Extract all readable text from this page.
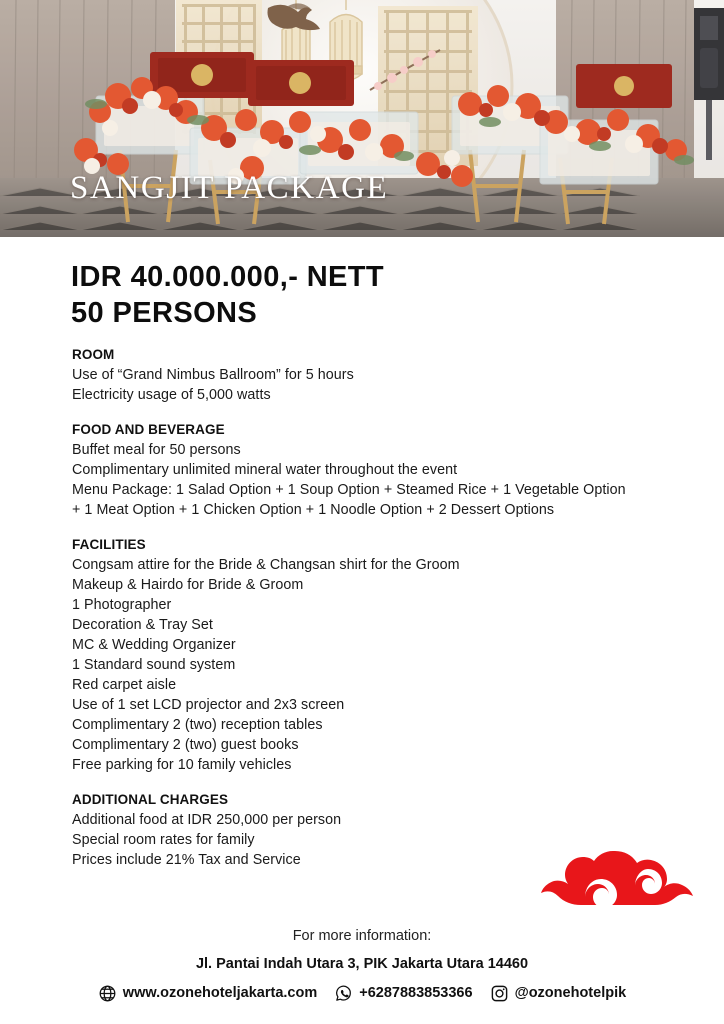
SANGJIT PACKAGE
IDR 40.000.000,- NETT
50 PERSONS
ROOM
Use of “Grand Nimbus Ballroom” for 5 hours
Electricity usage of 5,000 watts
FOOD AND BEVERAGE
Buffet meal for 50 persons
Complimentary unlimited mineral water throughout the event
Menu Package: 1 Salad Option + 1 Soup Option + Steamed Rice + 1 Vegetable Option
+ 1 Meat Option + 1 Chicken Option + 1 Noodle Option + 2 Dessert Options
FACILITIES
Congsam attire for the Bride & Changsan shirt for the Groom
Makeup & Hairdo for Bride & Groom
1 Photographer
Decoration & Tray Set
MC & Wedding Organizer
1 Standard sound system
Red carpet aisle
Use of 1 set LCD projector and 2x3 screen
Complimentary 2 (two) reception tables
Complimentary 2 (two) guest books
Free parking for 10 family vehicles
ADDITIONAL CHARGES
Additional food at IDR 250,000 per person
Special room rates for family
Prices include 21% Tax and Service
For more information:
Jl. Pantai Indah Utara 3, PIK Jakarta Utara 14460
www.ozonehoteljakarta.com	+6287883853366	@ozonehotelpik
